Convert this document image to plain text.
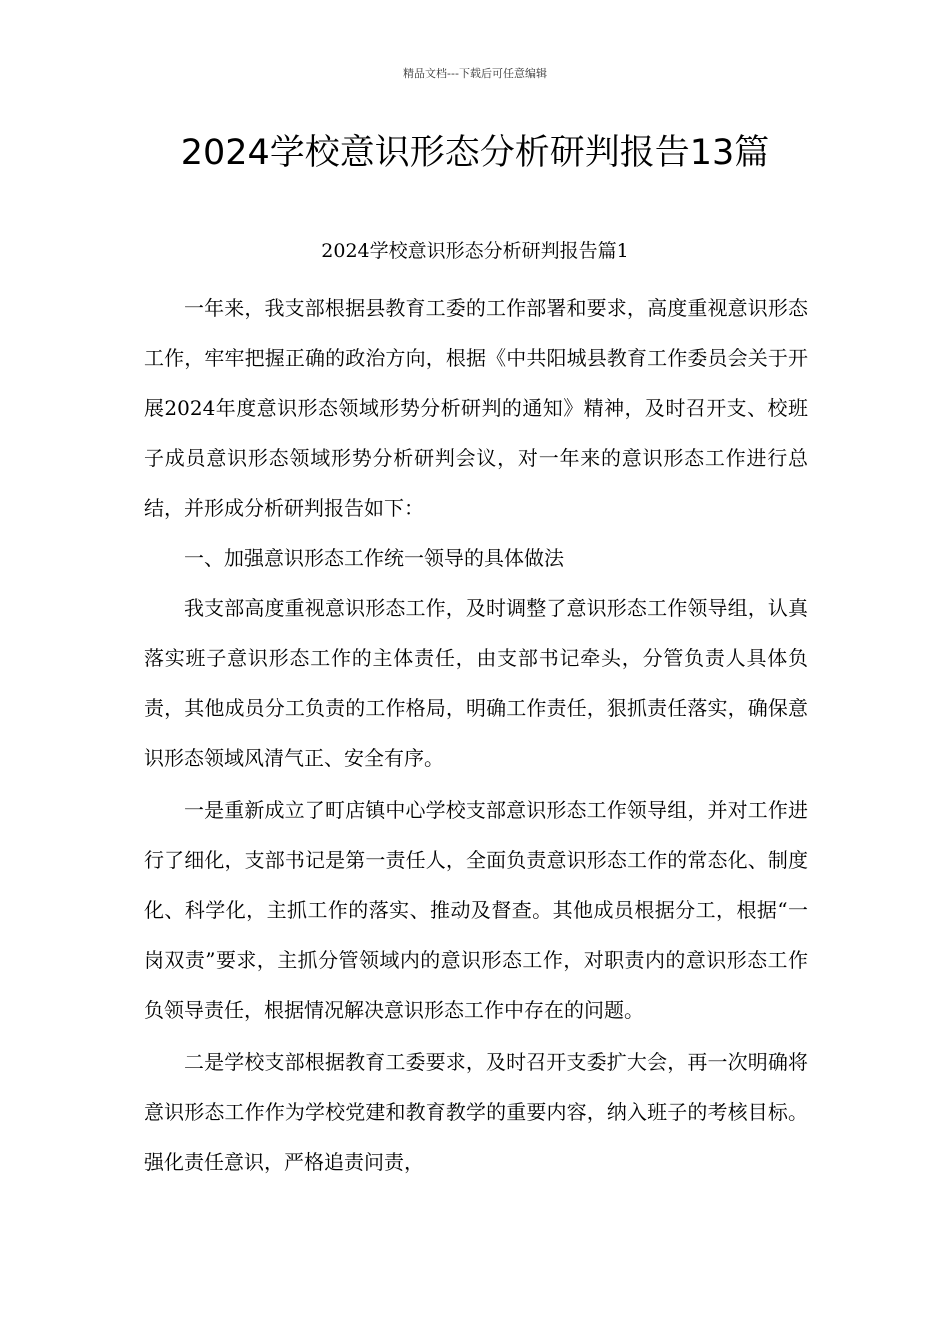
精品文档---下载后可任意编辑
2024学校意识形态分析研判报告13篇
2024学校意识形态分析研判报告篇1

一年来，我支部根据县教育工委的工作部署和要求，高度重视意识形态工作，牢牢把握正确的政治方向，根据《中共阳城县教育工作委员会关于开展2024年度意识形态领域形势分析研判的通知》精神，及时召开支、校班子成员意识形态领域形势分析研判会议，对一年来的意识形态工作进行总结，并形成分析研判报告如下：

一、加强意识形态工作统一领导的具体做法

我支部高度重视意识形态工作，及时调整了意识形态工作领导组，认真落实班子意识形态工作的主体责任，由支部书记牵头，分管负责人具体负责，其他成员分工负责的工作格局，明确工作责任，狠抓责任落实，确保意识形态领域风清气正、安全有序。

一是重新成立了町店镇中心学校支部意识形态工作领导组，并对工作进行了细化，支部书记是第一责任人，全面负责意识形态工作的常态化、制度化、科学化，主抓工作的落实、推动及督查。其他成员根据分工，根据“一岗双责”要求，主抓分管领域内的意识形态工作，对职责内的意识形态工作负领导责任，根据情况解决意识形态工作中存在的问题。

二是学校支部根据教育工委要求，及时召开支委扩大会，再一次明确将意识形态工作作为学校党建和教育教学的重要内容，纳入班子的考核目标。强化责任意识，严格追责问责，
